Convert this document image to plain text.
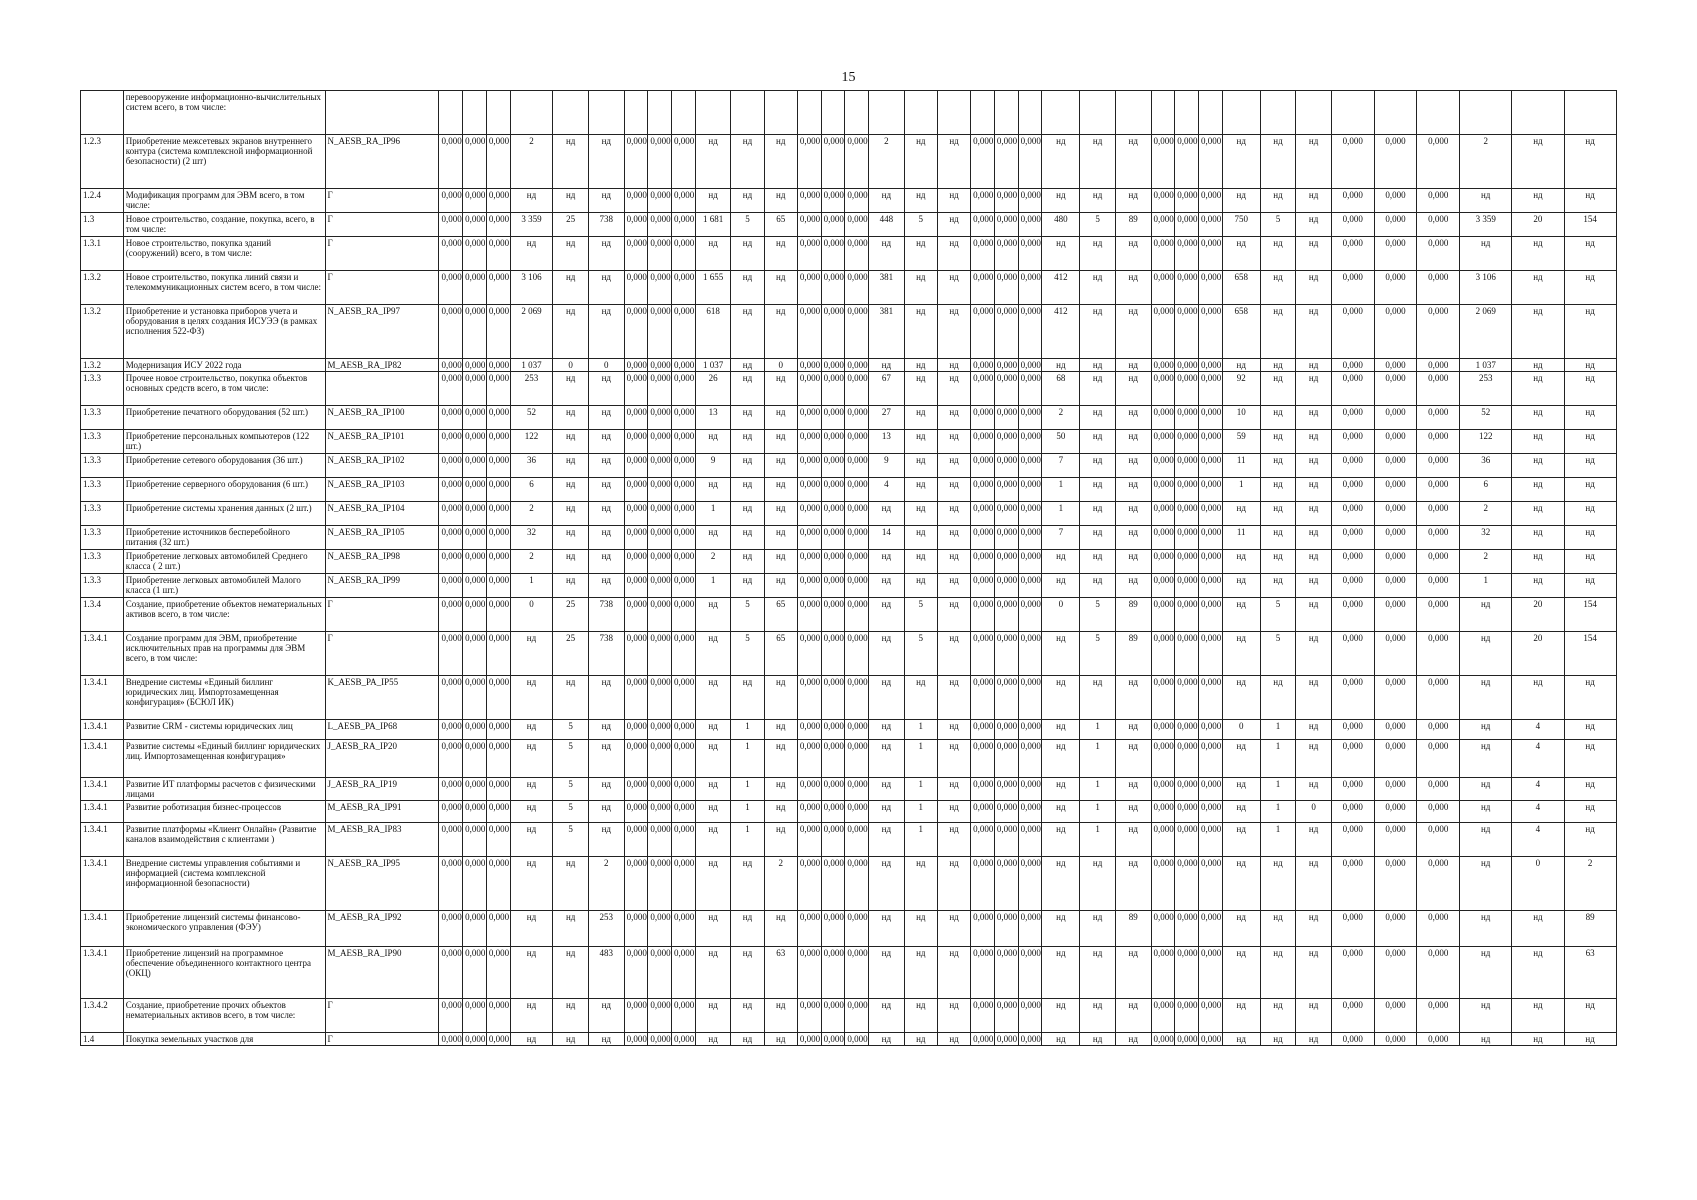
15
	перевооружение информационно-вычислительных систем всего, в том числе:																																											
1.2.3	Приобретение межсетевых экранов внутреннего контура (система комплексной информационной безопасности) (2 шт)	N_AESB_RA_IP96	0,000	0,000	0,000	2	нд	нд	0,000	0,000	0,000	нд	нд	нд	0,000	0,000	0,000	2	нд	нд	0,000	0,000	0,000	нд	нд	нд	0,000	0,000	0,000	нд	нд	нд	0,000	0,000	0,000	2	нд	нд						
1.2.4	Модификация программ для ЭВМ всего, в том числе:	Г	0,000	0,000	0,000	нд	нд	нд	0,000	0,000	0,000	нд	нд	нд	0,000	0,000	0,000	нд	нд	нд	0,000	0,000	0,000	нд	нд	нд	0,000	0,000	0,000	нд	нд	нд	0,000	0,000	0,000	нд	нд	нд						
1.3	Новое строительство, создание, покупка, всего, в том числе:	Г	0,000	0,000	0,000	3 359	25	738	0,000	0,000	0,000	1 681	5	65	0,000	0,000	0,000	448	5	нд	0,000	0,000	0,000	480	5	89	0,000	0,000	0,000	750	5	нд	0,000	0,000	0,000	3 359	20	154						
1.3.1	Новое строительство, покупка зданий (сооружений) всего, в том числе:	Г	0,000	0,000	0,000	нд	нд	нд	0,000	0,000	0,000	нд	нд	нд	0,000	0,000	0,000	нд	нд	нд	0,000	0,000	0,000	нд	нд	нд	0,000	0,000	0,000	нд	нд	нд	0,000	0,000	0,000	нд	нд	нд						
1.3.2	Новое строительство, покупка линий связи и телекоммуникационных систем всего, в том числе:	Г	0,000	0,000	0,000	3 106	нд	нд	0,000	0,000	0,000	1 655	нд	нд	0,000	0,000	0,000	381	нд	нд	0,000	0,000	0,000	412	нд	нд	0,000	0,000	0,000	658	нд	нд	0,000	0,000	0,000	3 106	нд	нд						
1.3.2	Приобретение и установка приборов учета и оборудования в целях создания ИСУЭЭ (в рамках исполнения 522-ФЗ)	N_AESB_RA_IP97	0,000	0,000	0,000	2 069	нд	нд	0,000	0,000	0,000	618	нд	нд	0,000	0,000	0,000	381	нд	нд	0,000	0,000	0,000	412	нд	нд	0,000	0,000	0,000	658	нд	нд	0,000	0,000	0,000	2 069	нд	нд						
1.3.2	Модернизация ИСУ 2022 года	M_AESB_RA_IP82	0,000	0,000	0,000	1 037	0	0	0,000	0,000	0,000	1 037	нд	0	0,000	0,000	0,000	нд	нд	нд	0,000	0,000	0,000	нд	нд	нд	0,000	0,000	0,000	нд	нд	нд	0,000	0,000	0,000	1 037	нд	нд						
1.3.3	Прочее новое строительство, покупка объектов основных средств всего, в том числе:		0,000	0,000	0,000	253	нд	нд	0,000	0,000	0,000	26	нд	нд	0,000	0,000	0,000	67	нд	нд	0,000	0,000	0,000	68	нд	нд	0,000	0,000	0,000	92	нд	нд	0,000	0,000	0,000	253	нд	нд						
1.3.3	Приобретение печатного оборудования (52 шт.)	N_AESB_RA_IP100	0,000	0,000	0,000	52	нд	нд	0,000	0,000	0,000	13	нд	нд	0,000	0,000	0,000	27	нд	нд	0,000	0,000	0,000	2	нд	нд	0,000	0,000	0,000	10	нд	нд	0,000	0,000	0,000	52	нд	нд						
1.3.3	Приобретение персональных компьютеров (122 шт.)	N_AESB_RA_IP101	0,000	0,000	0,000	122	нд	нд	0,000	0,000	0,000	нд	нд	нд	0,000	0,000	0,000	13	нд	нд	0,000	0,000	0,000	50	нд	нд	0,000	0,000	0,000	59	нд	нд	0,000	0,000	0,000	122	нд	нд						
1.3.3	Приобретение сетевого оборудования (36 шт.)	N_AESB_RA_IP102	0,000	0,000	0,000	36	нд	нд	0,000	0,000	0,000	9	нд	нд	0,000	0,000	0,000	9	нд	нд	0,000	0,000	0,000	7	нд	нд	0,000	0,000	0,000	11	нд	нд	0,000	0,000	0,000	36	нд	нд						
1.3.3	Приобретение серверного оборудования (6 шт.)	N_AESB_RA_IP103	0,000	0,000	0,000	6	нд	нд	0,000	0,000	0,000	нд	нд	нд	0,000	0,000	0,000	4	нд	нд	0,000	0,000	0,000	1	нд	нд	0,000	0,000	0,000	1	нд	нд	0,000	0,000	0,000	6	нд	нд						
1.3.3	Приобретение системы хранения данных (2 шт.)	N_AESB_RA_IP104	0,000	0,000	0,000	2	нд	нд	0,000	0,000	0,000	1	нд	нд	0,000	0,000	0,000	нд	нд	нд	0,000	0,000	0,000	1	нд	нд	0,000	0,000	0,000	нд	нд	нд	0,000	0,000	0,000	2	нд	нд						
1.3.3	Приобретение источников бесперебойного питания (32 шт.)	N_AESB_RA_IP105	0,000	0,000	0,000	32	нд	нд	0,000	0,000	0,000	нд	нд	нд	0,000	0,000	0,000	14	нд	нд	0,000	0,000	0,000	7	нд	нд	0,000	0,000	0,000	11	нд	нд	0,000	0,000	0,000	32	нд	нд						
1.3.3	Приобретение легковых автомобилей Среднего класса ( 2 шт.)	N_AESB_RA_IP98	0,000	0,000	0,000	2	нд	нд	0,000	0,000	0,000	2	нд	нд	0,000	0,000	0,000	нд	нд	нд	0,000	0,000	0,000	нд	нд	нд	0,000	0,000	0,000	нд	нд	нд	0,000	0,000	0,000	2	нд	нд						
1.3.3	Приобретение легковых автомобилей Малого класса (1 шт.)	N_AESB_RA_IP99	0,000	0,000	0,000	1	нд	нд	0,000	0,000	0,000	1	нд	нд	0,000	0,000	0,000	нд	нд	нд	0,000	0,000	0,000	нд	нд	нд	0,000	0,000	0,000	нд	нд	нд	0,000	0,000	0,000	1	нд	нд						
1.3.4	Создание, приобретение объектов нематериальных активов всего, в том числе:	Г	0,000	0,000	0,000	0	25	738	0,000	0,000	0,000	нд	5	65	0,000	0,000	0,000	нд	5	нд	0,000	0,000	0,000	0	5	89	0,000	0,000	0,000	нд	5	нд	0,000	0,000	0,000	нд	20	154						
1.3.4.1	Создание программ для ЭВМ, приобретение исключительных прав на программы для ЭВМ всего, в том числе:	Г	0,000	0,000	0,000	нд	25	738	0,000	0,000	0,000	нд	5	65	0,000	0,000	0,000	нд	5	нд	0,000	0,000	0,000	нд	5	89	0,000	0,000	0,000	нд	5	нд	0,000	0,000	0,000	нд	20	154						
1.3.4.1	Внедрение системы «Единый биллинг юридических лиц. Импортозамещенная конфигурация» (БСЮЛ ИК)	K_AESB_PA_IP55	0,000	0,000	0,000	нд	нд	нд	0,000	0,000	0,000	нд	нд	нд	0,000	0,000	0,000	нд	нд	нд	0,000	0,000	0,000	нд	нд	нд	0,000	0,000	0,000	нд	нд	нд	0,000	0,000	0,000	нд	нд	нд						
1.3.4.1	Развитие CRM - системы юридических лиц	L_AESB_PA_IP68	0,000	0,000	0,000	нд	5	нд	0,000	0,000	0,000	нд	1	нд	0,000	0,000	0,000	нд	1	нд	0,000	0,000	0,000	нд	1	нд	0,000	0,000	0,000	0	1	нд	0,000	0,000	0,000	нд	4	нд						
1.3.4.1	Развитие системы «Единый биллинг юридических лиц. Импортозамещенная конфигурация»	J_AESB_RA_IP20	0,000	0,000	0,000	нд	5	нд	0,000	0,000	0,000	нд	1	нд	0,000	0,000	0,000	нд	1	нд	0,000	0,000	0,000	нд	1	нд	0,000	0,000	0,000	нд	1	нд	0,000	0,000	0,000	нд	4	нд						
1.3.4.1	Развитие ИТ платформы расчетов с физическими лицами	J_AESB_RA_IP19	0,000	0,000	0,000	нд	5	нд	0,000	0,000	0,000	нд	1	нд	0,000	0,000	0,000	нд	1	нд	0,000	0,000	0,000	нд	1	нд	0,000	0,000	0,000	нд	1	нд	0,000	0,000	0,000	нд	4	нд						
1.3.4.1	Развитие роботизация бизнес-процессов	M_AESB_RA_IP91	0,000	0,000	0,000	нд	5	нд	0,000	0,000	0,000	нд	1	нд	0,000	0,000	0,000	нд	1	нд	0,000	0,000	0,000	нд	1	нд	0,000	0,000	0,000	нд	1	0	0,000	0,000	0,000	нд	4	нд						
1.3.4.1	Развитие платформы «Клиент Онлайн» (Развитие каналов взаимодействия с клиентами )	M_AESB_RA_IP83	0,000	0,000	0,000	нд	5	нд	0,000	0,000	0,000	нд	1	нд	0,000	0,000	0,000	нд	1	нд	0,000	0,000	0,000	нд	1	нд	0,000	0,000	0,000	нд	1	нд	0,000	0,000	0,000	нд	4	нд						
1.3.4.1	Внедрение системы управления событиями и информацией (система комплексной информационной безопасности)	N_AESB_RA_IP95	0,000	0,000	0,000	нд	нд	2	0,000	0,000	0,000	нд	нд	2	0,000	0,000	0,000	нд	нд	нд	0,000	0,000	0,000	нд	нд	нд	0,000	0,000	0,000	нд	нд	нд	0,000	0,000	0,000	нд	0	2						
1.3.4.1	Приобретение лицензий системы финансово-экономического управления (ФЭУ)	M_AESB_RA_IP92	0,000	0,000	0,000	нд	нд	253	0,000	0,000	0,000	нд	нд	нд	0,000	0,000	0,000	нд	нд	нд	0,000	0,000	0,000	нд	нд	89	0,000	0,000	0,000	нд	нд	нд	0,000	0,000	0,000	нд	нд	89						
1.3.4.1	Приобретение лицензий на программное обеспечение объединенного контактного центра (ОКЦ)	M_AESB_RA_IP90	0,000	0,000	0,000	нд	нд	483	0,000	0,000	0,000	нд	нд	63	0,000	0,000	0,000	нд	нд	нд	0,000	0,000	0,000	нд	нд	нд	0,000	0,000	0,000	нд	нд	нд	0,000	0,000	0,000	нд	нд	63						
1.3.4.2	Создание, приобретение прочих объектов нематериальных активов всего, в том числе:	Г	0,000	0,000	0,000	нд	нд	нд	0,000	0,000	0,000	нд	нд	нд	0,000	0,000	0,000	нд	нд	нд	0,000	0,000	0,000	нд	нд	нд	0,000	0,000	0,000	нд	нд	нд	0,000	0,000	0,000	нд	нд	нд						
1.4	Покупка земельных участков для	Г	0,000	0,000	0,000	нд	нд	нд	0,000	0,000	0,000	нд	нд	нд	0,000	0,000	0,000	нд	нд	нд	0,000	0,000	0,000	нд	нд	нд	0,000	0,000	0,000	нд	нд	нд	0,000	0,000	0,000	нд	нд	нд						
